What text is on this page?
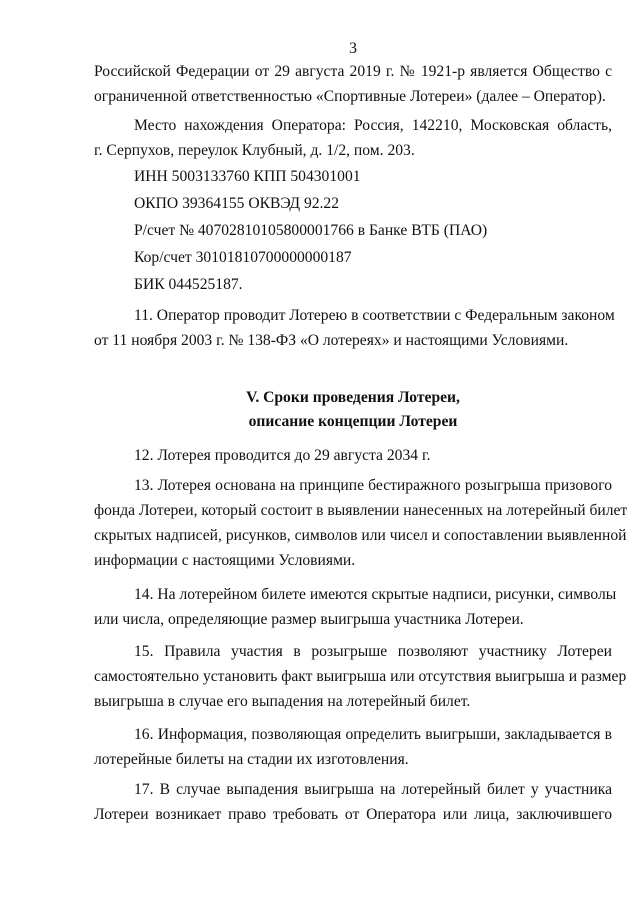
3
Российской Федерации от 29 августа 2019 г. № 1921-р является Общество с
ограниченной ответственностью «Спортивные Лотереи» (далее – Оператор).
Место нахождения Оператора: Россия, 142210, Московская область,
г. Серпухов, переулок Клубный, д. 1/2, пом. 203.
ИНН 5003133760 КПП 504301001
ОКПО 39364155 ОКВЭД 92.22
Р/счет № 40702810105800001766 в Банке ВТБ (ПАО)
Кор/счет 30101810700000000187
БИК 044525187.
11. Оператор проводит Лотерею в соответствии с Федеральным законом
от 11 ноября 2003 г. № 138-ФЗ «О лотереях» и настоящими Условиями.
V. Сроки проведения Лотереи,
описание концепции Лотереи
12. Лотерея проводится до 29 августа 2034 г.
13. Лотерея основана на принципе бестиражного розыгрыша призового
фонда Лотереи, который состоит в выявлении нанесенных на лотерейный билет
скрытых надписей, рисунков, символов или чисел и сопоставлении выявленной
информации с настоящими Условиями.
14. На лотерейном билете имеются скрытые надписи, рисунки, символы
или числа, определяющие размер выигрыша участника Лотереи.
15. Правила участия в розыгрыше позволяют участнику Лотереи
самостоятельно установить факт выигрыша или отсутствия выигрыша и размер
выигрыша в случае его выпадения на лотерейный билет.
16. Информация, позволяющая определить выигрыши, закладывается в
лотерейные билеты на стадии их изготовления.
17. В случае выпадения выигрыша на лотерейный билет у участника
Лотереи возникает право требовать от Оператора или лица, заключившего
